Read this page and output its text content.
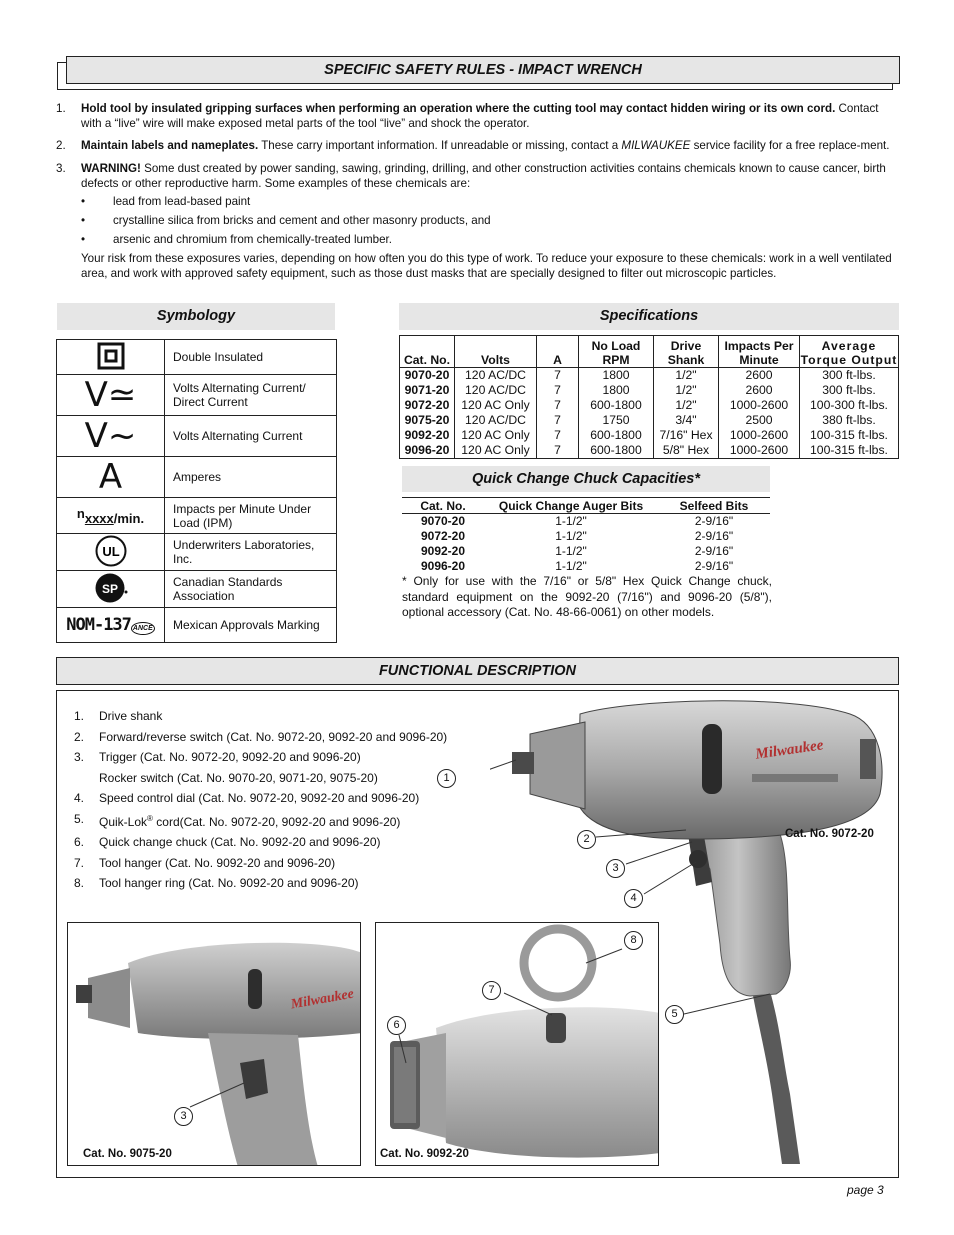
SPECIFIC SAFETY RULES - IMPACT WRENCH
1.	Hold tool by insulated gripping surfaces when performing an operation where the cutting tool may contact hidden wiring or its own cord. Contact with a “live” wire will make exposed metal parts of the tool “live” and shock the operator.
2.	Maintain labels and nameplates. These carry important information. If unreadable or missing, contact a MILWAUKEE service facility for a free replace-ment.
3.	WARNING! Some dust created by power sanding, sawing, grinding, drilling, and other construction activities contains chemicals known to cause cancer, birth defects or other reproductive harm. Some examples of these chemicals are:
•	lead from lead-based paint
•	crystalline silica from bricks and cement and other masonry products, and
•	arsenic and chromium from chemically-treated lumber.
Your risk from these exposures varies, depending on how often you do this type of work. To reduce your exposure to these chemicals: work in a well ventilated area, and work with approved safety equipment, such as those dust masks that are specially designed to filter out microscopic particles.
Symbology
	Double Insulated
V≃	Volts Alternating Current/ Direct Current
V~	Volts Alternating Current
A	Amperes
nxxxx/min.	Impacts per Minute Under Load (IPM)

UL	Underwriters Laboratories, Inc.

SP	Canadian Standards Association
NOM-137 ANCE	Mexican Approvals Marking
Specifications
Cat. No.	Volts	A	No Load RPM	Drive Shank	Impacts Per Minute	Average Torque Output
9070-20	120 AC/DC	7	1800	1/2"	2600	300 ft-lbs.
9071-20	120 AC/DC	7	1800	1/2"	2600	300 ft-lbs.
9072-20	120 AC Only	7	600-1800	1/2"	1000-2600	100-300 ft-lbs.
9075-20	120 AC/DC	7	1750	3/4"	2500	380 ft-lbs.
9092-20	120 AC Only	7	600-1800	7/16" Hex	1000-2600	100-315 ft-lbs.
9096-20	120 AC Only	7	600-1800	5/8" Hex	1000-2600	100-315 ft-lbs.
Quick Change Chuck Capacities*
Cat. No.	Quick Change Auger Bits	Selfeed Bits
9070-20	1-1/2"	2-9/16"
9072-20	1-1/2"	2-9/16"
9092-20	1-1/2"	2-9/16"
9096-20	1-1/2"	2-9/16"
* Only for use with the 7/16" or 5/8" Hex Quick Change chuck, standard equipment on the 9092-20 (7/16") and 9096-20 (5/8"), optional accessory (Cat. No. 48-66-0061) on other models.
FUNCTIONAL DESCRIPTION
1.	Drive shank
2.	Forward/reverse switch (Cat. No. 9072-20, 9092-20 and 9096-20)
3.	Trigger (Cat. No. 9072-20, 9092-20 and 9096-20)
Rocker switch (Cat. No. 9070-20, 9071-20, 9075-20)
4.	Speed control dial (Cat. No. 9072-20, 9092-20 and 9096-20)
5.	Quik-Lok® cord(Cat. No. 9072-20, 9092-20 and 9096-20)
6.	Quick change chuck (Cat. No. 9092-20 and 9096-20)
7.	Tool hanger (Cat. No. 9092-20 and 9096-20)
8.	Tool hanger ring (Cat. No. 9092-20 and 9096-20)
Milwaukee
1
2
3
4
5
Cat. No. 9072-20
Milwaukee
3
Cat. No. 9075-20
8
7
6
Cat. No. 9092-20
page 3
